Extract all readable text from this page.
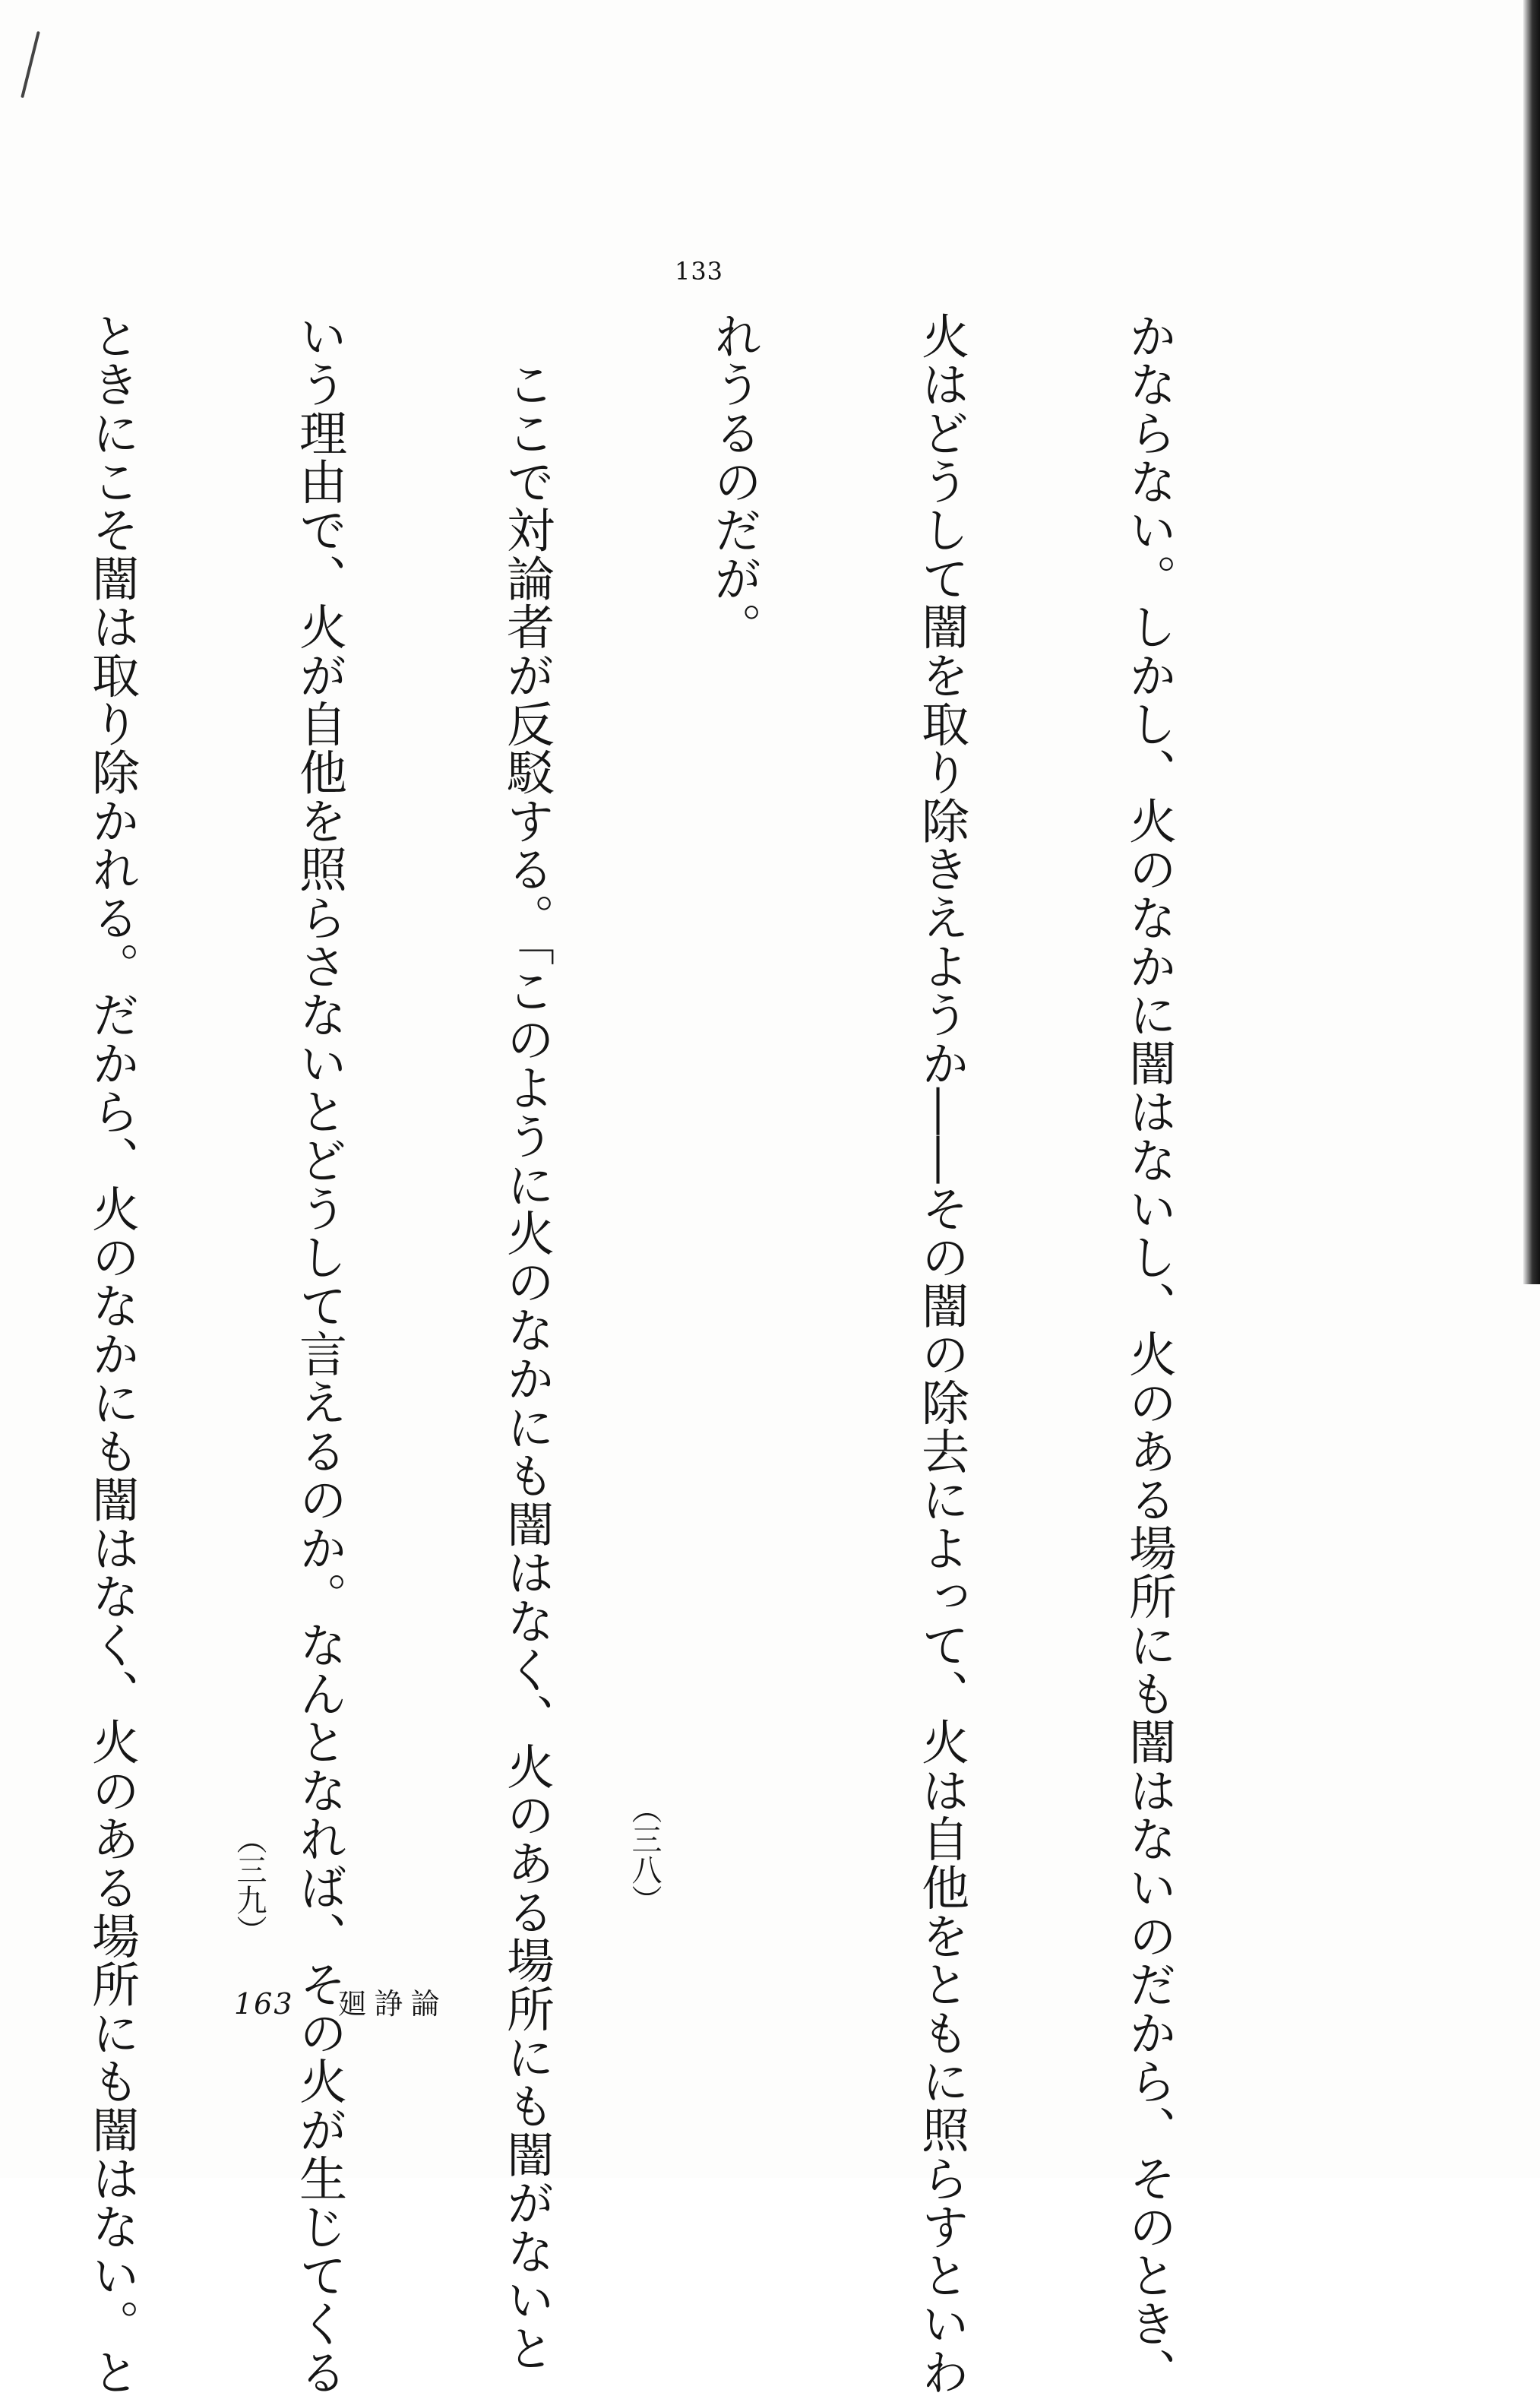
133

かならない。しかし、火のなかに闇はないし、火のある場所にも闇はないのだから、そのとき、

火はどうして闇を取り除きえようか――その闇の除去によって、火は自他をともに照らすといわ

れうるのだが。

　ここで対論者が反駁する。「このように火のなかにも闇はなく、火のある場所にも闇がないと

いう理由で、火が自他を照らさないとどうして言えるのか。なんとなれば、その火が生じてくる

ときにこそ闇は取り除かれる。だから、火のなかにも闇はなく、火のある場所にも闇はない。と

	（三八）
（三九）
163 廻諍論
